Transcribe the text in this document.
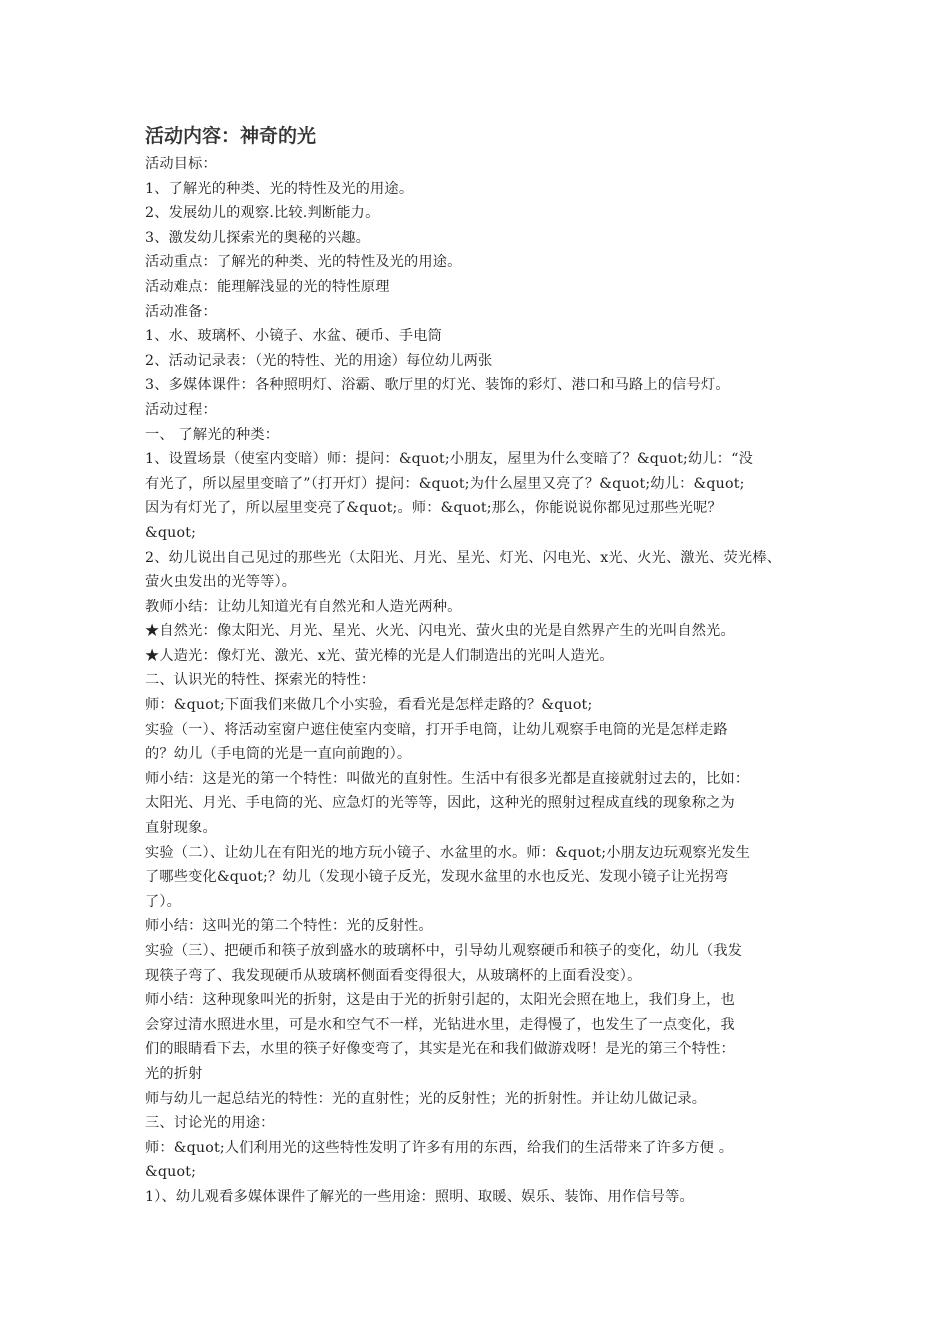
活动内容：神奇的光

活动目标：

1、了解光的种类、光的特性及光的用途。

2、发展幼儿的观察.比较.判断能力。

3、激发幼儿探索光的奥秘的兴趣。

活动重点：了解光的种类、光的特性及光的用途。

活动难点：能理解浅显的光的特性原理

活动准备：

1、水、玻璃杯、小镜子、水盆、硬币、手电筒

2、活动记录表：（光的特性、光的用途）每位幼儿两张

3、多媒体课件：各种照明灯、浴霸、歌厅里的灯光、装饰的彩灯、港口和马路上的信号灯。

活动过程：

一、 了解光的种类：

1、设置场景（使室内变暗）师：提问：&quot;小朋友，屋里为什么变暗了？&quot;幼儿：“没

有光了，所以屋里变暗了”（打开灯）提问：&quot;为什么屋里又亮了？&quot;幼儿：&quot;

因为有灯光了，所以屋里变亮了&quot;。师：&quot;那么，你能说说你都见过那些光呢？

&quot;

2、幼儿说出自己见过的那些光（太阳光、月光、星光、灯光、闪电光、x光、火光、激光、荧光棒、

萤火虫发出的光等等）。

教师小结：让幼儿知道光有自然光和人造光两种。

★自然光：像太阳光、月光、星光、火光、闪电光、萤火虫的光是自然界产生的光叫自然光。

★人造光：像灯光、激光、x光、萤光棒的光是人们制造出的光叫人造光。

二、认识光的特性、探索光的特性：

师：&quot;下面我们来做几个小实验，看看光是怎样走路的？&quot;

实验（一）、将活动室窗户遮住使室内变暗，打开手电筒，让幼儿观察手电筒的光是怎样走路

的？幼儿（手电筒的光是一直向前跑的）。

师小结：这是光的第一个特性：叫做光的直射性。生活中有很多光都是直接就射过去的，比如：

太阳光、月光、手电筒的光、应急灯的光等等，因此，这种光的照射过程成直线的现象称之为

直射现象。

实验（二）、让幼儿在有阳光的地方玩小镜子、水盆里的水。师：&quot;小朋友边玩观察光发生

了哪些变化&quot;？幼儿（发现小镜子反光，发现水盆里的水也反光、发现小镜子让光拐弯

了）。

师小结：这叫光的第二个特性：光的反射性。

实验（三）、把硬币和筷子放到盛水的玻璃杯中，引导幼儿观察硬币和筷子的变化，幼儿（我发

现筷子弯了、我发现硬币从玻璃杯侧面看变得很大，从玻璃杯的上面看没变）。

师小结：这种现象叫光的折射，这是由于光的折射引起的，太阳光会照在地上，我们身上，也

会穿过清水照进水里，可是水和空气不一样，光钻进水里，走得慢了，也发生了一点变化，我

们的眼睛看下去，水里的筷子好像变弯了，其实是光在和我们做游戏呀！是光的第三个特性：

光的折射

师与幼儿一起总结光的特性：光的直射性；光的反射性；光的折射性。并让幼儿做记录。

三、讨论光的用途：

师：&quot;人们利用光的这些特性发明了许多有用的东西，给我们的生活带来了许多方便 。

&quot;

1）、幼儿观看多媒体课件了解光的一些用途：照明、取暖、娱乐、装饰、用作信号等。
